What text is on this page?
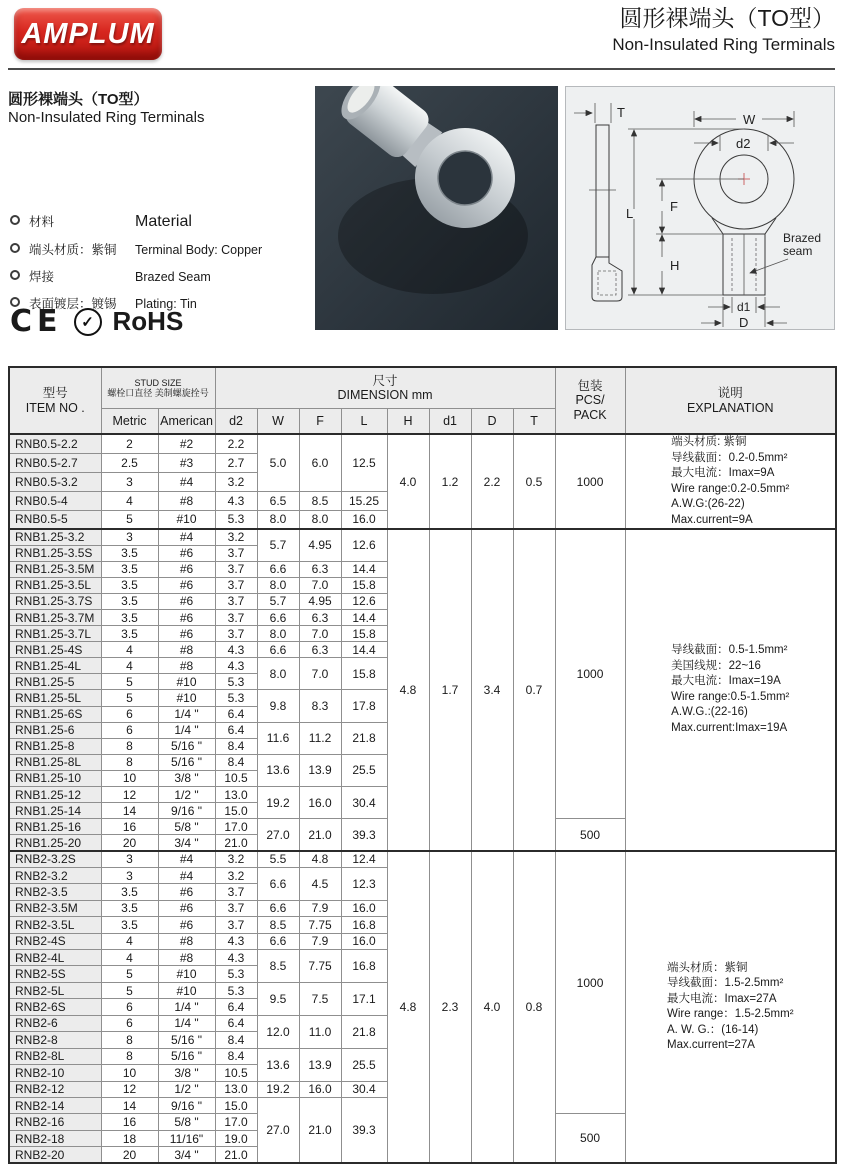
AMPLUM	圆形裸端头（TO型）
Non-Insulated Ring Terminals
圆形裸端头（TO型）
Non-Insulated Ring Terminals
材料	Material
端头材质：紫铜	Terminal Body: Copper
焊接	Brazed Seam
表面镀层：镀锡	Plating: Tin
CE	✓ RoHS
T	W
d2
L	F
H
d1
D
Brazed
seam
型号
ITEM NO .

STUD SIZE
螺栓口直径 美制螺旋拴号

尺寸
DIMENSION mm

包装
PCS/
PACK

说明
EXPLANATION

	Metric	American	d2	W	F	L	H	d1	D	T		
RNB0.5-2.2	2	#2	2.2	5.0	6.0	12.5	4.0	1.2	2.2	0.5	1000	
端头材质: 紫铜
导线截面：0.2-0.5mm²
最大电流：Imax=9A
Wire range:0.2-0.5mm²
A.W.G:(26-22)
Max.current=9A

RNB0.5-2.7	2.5	#3	2.7									
RNB0.5-3.2	3	#4	3.2									
RNB0.5-4	4	#8	4.3	6.5	8.5	15.25						
RNB0.5-5	5	#10	5.3	8.0	8.0	16.0						
RNB1.25-3.2	3	#4	3.2	5.7	4.95	12.6	4.8	1.7	3.4	0.7	1000	
导线截面：0.5-1.5mm²
美国线规：22~16
最大电流：Imax=19A
Wire range:0.5-1.5mm²
A.W.G.:(22-16)
Max.current:Imax=19A

RNB1.25-3.5S	3.5	#6	3.7									
RNB1.25-3.5M	3.5	#6	3.7	6.6	6.3	14.4						
RNB1.25-3.5L	3.5	#6	3.7	8.0	7.0	15.8						
RNB1.25-3.7S	3.5	#6	3.7	5.7	4.95	12.6						
RNB1.25-3.7M	3.5	#6	3.7	6.6	6.3	14.4						
RNB1.25-3.7L	3.5	#6	3.7	8.0	7.0	15.8						
RNB1.25-4S	4	#8	4.3	6.6	6.3	14.4						
RNB1.25-4L	4	#8	4.3	8.0	7.0	15.8						
RNB1.25-5	5	#10	5.3									
RNB1.25-5L	5	#10	5.3	9.8	8.3	17.8						
RNB1.25-6S	6	1/4 "	6.4									
RNB1.25-6	6	1/4 "	6.4	11.6	11.2	21.8						
RNB1.25-8	8	5/16 "	8.4									
RNB1.25-8L	8	5/16 "	8.4	13.6	13.9	25.5						
RNB1.25-10	10	3/8 "	10.5									
RNB1.25-12	12	1/2 "	13.0	19.2	16.0	30.4						
RNB1.25-14	14	9/16 "	15.0									
RNB1.25-16	16	5/8 "	17.0	27.0	21.0	39.3					500	
RNB1.25-20	20	3/4 "	21.0									
RNB2-3.2S	3	#4	3.2	5.5	4.8	12.4	4.8	2.3	4.0	0.8	1000	
端头材质：紫铜
导线截面：1.5-2.5mm²
最大电流：Imax=27A
Wire range：1.5-2.5mm²
A. W. G.：(16-14)
Max.current=27A

RNB2-3.2	3	#4	3.2	6.6	4.5	12.3						
RNB2-3.5	3.5	#6	3.7									
RNB2-3.5M	3.5	#6	3.7	6.6	7.9	16.0						
RNB2-3.5L	3.5	#6	3.7	8.5	7.75	16.8						
RNB2-4S	4	#8	4.3	6.6	7.9	16.0						
RNB2-4L	4	#8	4.3	8.5	7.75	16.8						
RNB2-5S	5	#10	5.3									
RNB2-5L	5	#10	5.3	9.5	7.5	17.1						
RNB2-6S	6	1/4 "	6.4									
RNB2-6	6	1/4 "	6.4	12.0	11.0	21.8						
RNB2-8	8	5/16 "	8.4									
RNB2-8L	8	5/16 "	8.4	13.6	13.9	25.5						
RNB2-10	10	3/8 "	10.5									
RNB2-12	12	1/2 "	13.0	19.2	16.0	30.4						
RNB2-14	14	9/16 "	15.0	27.0	21.0	39.3						
RNB2-16	16	5/8 "	17.0								500	
RNB2-18	18	11/16"	19.0									
RNB2-20	20	3/4 "	21.0									
